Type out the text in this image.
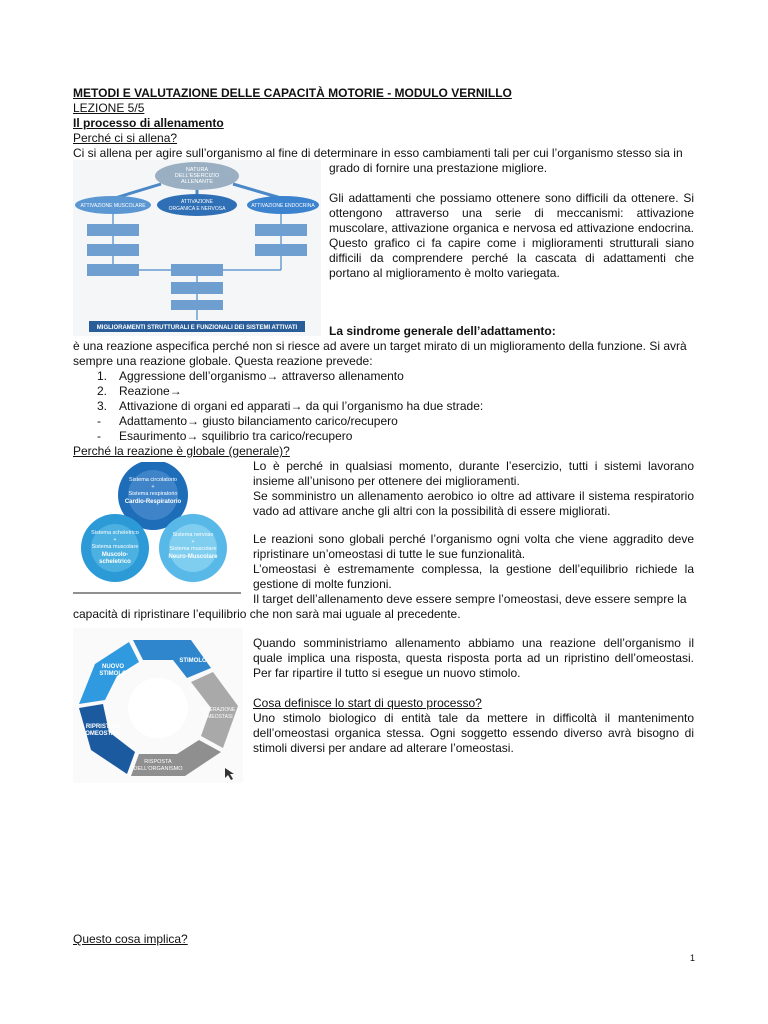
METODI E VALUTAZIONE DELLE CAPACITÀ MOTORIE - MODULO VERNILLO
LEZIONE 5/5
Il processo di allenamento
Perché ci si allena?
Ci si allena per agire sull’organismo al fine di determinare in esso cambiamenti tali per cui l’organismo stesso sia in
grado di fornire una prestazione migliore.
Gli adattamenti che possiamo ottenere sono difficili da ottenere. Si ottengono attraverso una serie di meccanismi: attivazione muscolare, attivazione organica e nervosa ed attivazione endocrina. Questo grafico ci fa capire come i miglioramenti strutturali siano difficili da comprendere perché la cascata di adattamenti che portano al miglioramento è molto variegata.
NATURA
DELL'ESERCIZIO
ALLENANTE
ATTIVAZIONE MUSCOLARE
ATTIVAZIONE
ORGANICA E NERVOSA	ATTIVAZIONE ENDOCRINA
MIGLIORAMENTI STRUTTURALI E FUNZIONALI DEI SISTEMI ATTIVATI	La sindrome generale dell’adattamento:
è una reazione aspecifica perché non si riesce ad avere un target mirato di un miglioramento della funzione. Si avrà
sempre una reazione globale. Questa reazione prevede:
1. Aggressione dell’organismo→ attraverso allenamento
2. Reazione→
3. Attivazione di organi ed apparati→ da qui l’organismo ha due strade:
- Adattamento→ giusto bilanciamento carico/recupero
- Esaurimento→ squilibrio tra carico/recupero
Perché la reazione è globale (generale)?
Lo è perché in qualsiasi momento, durante l’esercizio, tutti i sistemi lavorano insieme all’unisono per ottenere dei miglioramenti.
Se somministro un allenamento aerobico io oltre ad attivare il sistema respiratorio vado ad attivare anche gli altri con la possibilità di essere migliorati.
Le reazioni sono globali perché l’organismo ogni volta che viene aggradito deve ripristinare un’omeostasi di tutte le sue funzionalità.
L’omeostasi è estremamente complessa, la gestione dell’equilibrio richiede la gestione di molte funzioni.
Il target dell’allenamento deve essere sempre l’omeostasi, deve essere sempre la
capacità di ripristinare l’equilibrio che non sarà mai uguale al precedente.
Sistema circolatorio
+
Sistema respiratorio
Cardio-Respiratorio
Sistema scheletrico
+
Sistema muscolare
Muscolo-
scheletrico
Sistema nervoso
+
Sistema muscolare
Neuro-Muscolare
Quando somministriamo allenamento abbiamo una reazione dell’organismo il quale implica una risposta, questa risposta porta ad un ripristino dell’omeostasi. Per far ripartire il tutto si esegue un nuovo stimolo.
Cosa definisce lo start di questo processo?
Uno stimolo biologico di entità tale da mettere in difficoltà il mantenimento dell’omeostasi organica stessa. Ogni soggetto essendo diverso avrà bisogno di stimoli diversi per andare ad alterare l’omeostasi.
STIMOLO
ALTERAZIONE
OMEOSTASI
RISPOSTA
DELL'ORGANISMO
RIPRISTINO
OMEOSTASI
NUOVO
STIMOLO
Questo cosa implica?
1
